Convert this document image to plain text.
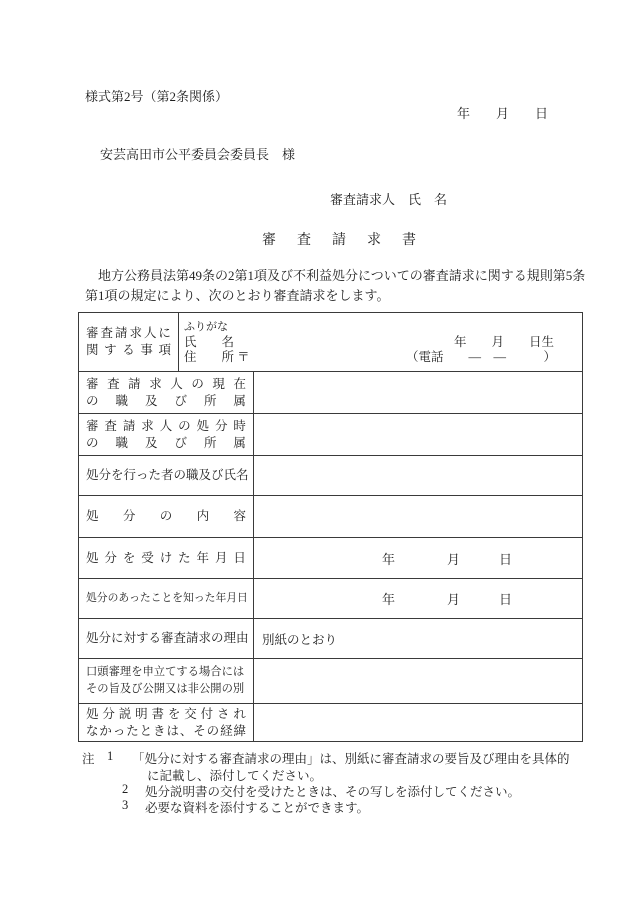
様式第2号（第2条関係）
年　　月　　日
安芸高田市公平委員会委員長　様
審査請求人　氏　名
審査請求書
　地方公務員法第49条の2第1項及び不利益処分についての審査請求に関する規則第5条
第1項の規定により、次のとおり審査請求をします。
審 査 請 求 人 に
関 す る 事 項
ふりがな
氏　　名	年　　月　　日生
住　　所 〒	（電話　　―　―　　　）
審 査 請 求 人 の 現 在
の 職 及 び 所 属
審 査 請 求 人 の 処 分 時
の 職 及 び 所 属
処分を行った者の職及び氏名
処 分 の 内 容
処 分 を 受 け た 年 月 日	年　　　　月　　　日
処分のあったことを知った年月日	年　　　　月　　　日
処分に対する審査請求の理由	別紙のとおり
口頭審理を申立てする場合には
その旨及び公開又は非公開の別
処 分 説 明 書 を 交 付 さ れ
な か っ た と き は 、 そ の 経 緯
注 1 「処分に対する審査請求の理由」は、別紙に審査請求の要旨及び理由を具体的
に記載し、添付してください。
2 処分説明書の交付を受けたときは、その写しを添付してください。
3 必要な資料を添付することができます。
